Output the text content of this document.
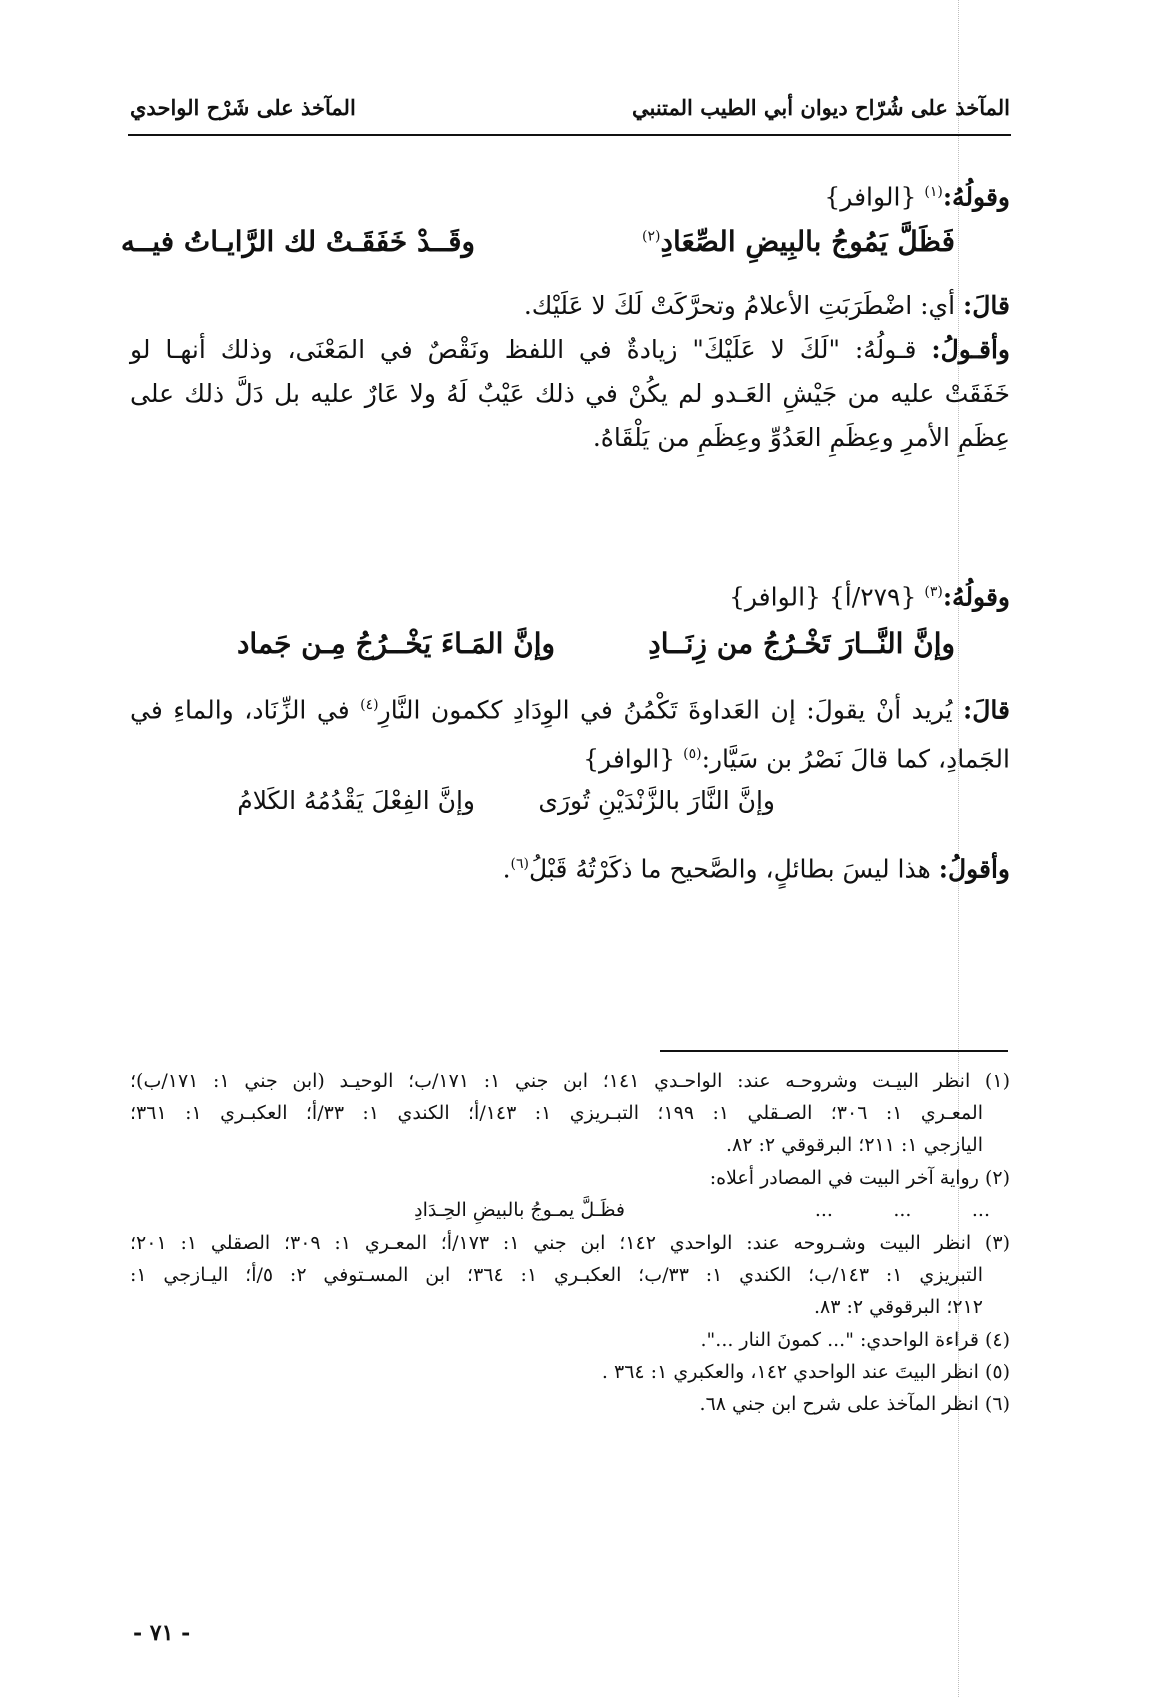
المآخذ على شُرّاح ديوان أبي الطيب المتنبي
المآخذ على شَرْح الواحدي
وقولُهُ:$^{(١)}$ {الوافر}
وقَــدْ خَفَقَـتْ لك الرَّايـاتُ فيــه	فَظَلَّ يَمُوجُ بالبِيضِ الصِّعَادِ$^{(٢)}$
قالَ: أي: اضْطَرَبَتِ الأعلامُ وتحرَّكَتْ لَكَ لا عَلَيْك.
وأقـولُ: قـولُهُ: "لَكَ لا عَلَيْكَ" زيادةٌ في اللفظ ونَقْصٌ في المَعْنَى، وذلك أنهـا لو
خَفَقَتْ عليه من جَيْشِ العَـدو لم يكُنْ في ذلك عَيْبٌ لَهُ ولا عَارٌ عليه بل دَلَّ ذلك على
عِظَمِ الأمرِ وعِظَمِ العَدُوِّ وعِظَمِ من يَلْقَاهُ.
وقولُهُ:$^{(٣)}$ {٢٧٩/أ} {الوافر}
وإنَّ المَـاءَ يَخْــرُجُ مِـن جَماد	وإنَّ النَّــارَ تَخْـرُجُ من زِنَــادِ
قالَ: يُريد أنْ يقولَ: إن العَداوةَ تَكْمُنُ في الوِدَادِ ككمون النَّارِ$^{(٤)}$ في الزِّنَاد، والماءِ في
الجَمادِ، كما قالَ نَصْرُ بن سَيَّار:$^{(٥)}$ {الوافر}
وإنَّ النَّارَ بالزَّنْدَيْنِ تُورَى
وإنَّ الفِعْلَ يَقْدُمُهُ الكَلامُ
وأقولُ: هذا ليسَ بطائلٍ، والصَّحيح ما ذكَرْتُهُ قَبْلُ$^{(٦)}$.
(١) انظر البيـت وشروحـه عند: الواحـدي ١٤١؛ ابن جني ١: ١٧١/ب؛ الوحيـد (ابن جني ١: ١٧١/ب)؛
المعـري ١: ٣٠٦؛ الصـقلي ١: ١٩٩؛ التبـريزي ١: ١٤٣/أ؛ الكندي ١: ٣٣/أ؛ العكبـري ١: ٣٦١؛
اليازجي ١: ٢١١؛ البرقوقي ٢: ٨٢.
(٢) رواية آخر البيت في المصادر أعلاه:
...          ...          ...
فظَـلَّ يمـوجُ بالبيضِ الحِـدَادِ
(٣) انظر البيت وشـروحه عند: الواحدي ١٤٢؛ ابن جني ١: ١٧٣/أ؛ المعـري ١: ٣٠٩؛ الصقلي ١: ٢٠١؛
التبريزي ١: ١٤٣/ب؛ الكندي ١: ٣٣/ب؛ العكبـري ١: ٣٦٤؛ ابن المسـتوفي ٢: ٥/أ؛ اليـازجي ١:
٢١٢؛ البرقوقي ٢: ٨٣.
(٤) قراءة الواحدي: "... كمونَ النار ...".
(٥) انظر البيتَ عند الواحدي ١٤٢، والعكبري ١: ٣٦٤ .
(٦) انظر المآخذ على شرح ابن جني ٦٨.
- ٧١ -
